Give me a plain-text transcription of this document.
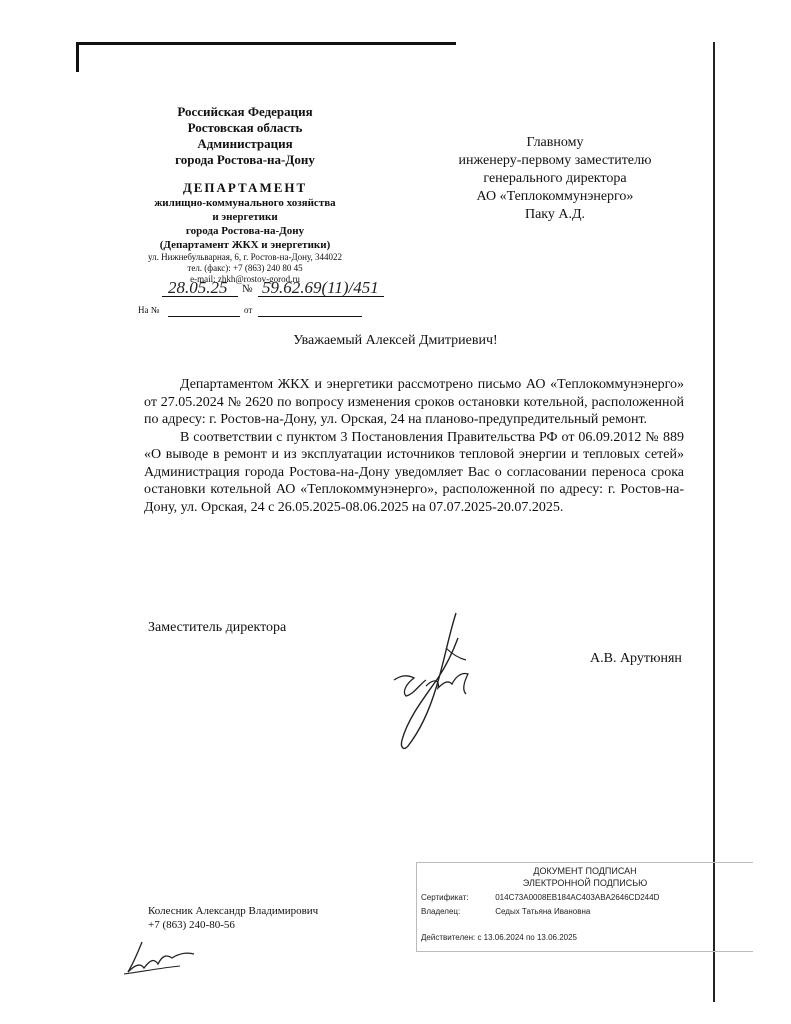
Российская Федерация
Ростовская область
Администрация
города Ростова-на-Дону
ДЕПАРТАМЕНТ
жилищно-коммунального хозяйства
и энергетики
города Ростова-на-Дону
(Департамент ЖКХ и энергетики)
ул. Нижнебульварная, 6, г. Ростов-на-Дону, 344022
тел. (факс): +7 (863) 240 80 45
e-mail: zhkh@rostov-gorod.ru
28.05.25 № 59.62.69(11)/451
На №	от
Главному
инженеру-первому заместителю
генерального директора
АО «Теплокоммунэнерго»
Паку А.Д.
Уважаемый Алексей Дмитриевич!

Департаментом ЖКХ и энергетики рассмотрено письмо АО «Теплокоммунэнерго» от 27.05.2024 № 2620 по вопросу изменения сроков остановки котельной, расположенной по адресу: г. Ростов-на-Дону, ул. Орская, 24 на планово-предупредительный ремонт.

В соответствии с пунктом 3 Постановления Правительства РФ от 06.09.2012 № 889 «О выводе в ремонт и из эксплуатации источников тепловой энергии и тепловых сетей» Администрация города Ростова-на-Дону уведомляет Вас о согласовании переноса срока остановки котельной АО «Теплокоммунэнерго», расположенной по адресу: г. Ростов-на-Дону, ул. Орская, 24 с 26.05.2025-08.06.2025 на 07.07.2025-20.07.2025.

Заместитель директора
А.В. Арутюнян
Колесник Александр Владимирович
+7 (863) 240-80-56
ДОКУМЕНТ ПОДПИСАН
ЭЛЕКТРОННОЙ ПОДПИСЬЮ
Сертификат:	014C73A0008EB184AC403ABA2646CD244D
Владелец:	Седых Татьяна Ивановна
Действителен: с 13.06.2024 по 13.06.2025
